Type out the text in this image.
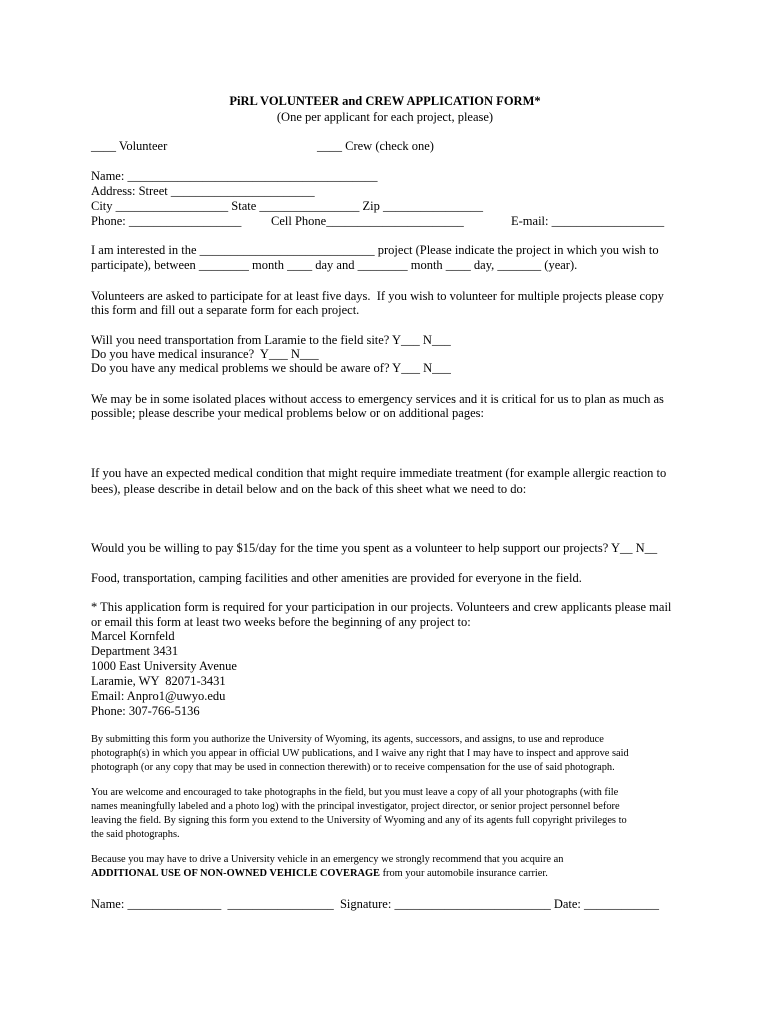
PiRL VOLUNTEER and CREW APPLICATION FORM*
(One per applicant for each project, please)
____ Volunteer	____ Crew (check one)
Name: ________________________________________
Address: Street _______________________
City __________________ State ________________ Zip ________________
Phone: __________________ Cell Phone______________________	E-mail: __________________
I am interested in the ____________________________ project (Please indicate the project in which you wish to
participate), between ________ month ____ day and ________ month ____ day, _______ (year).
Volunteers are asked to participate for at least five days.  If you wish to volunteer for multiple projects please copy
this form and fill out a separate form for each project.
Will you need transportation from Laramie to the field site? Y___ N___
Do you have medical insurance?  Y___ N___
Do you have any medical problems we should be aware of? Y___ N___
We may be in some isolated places without access to emergency services and it is critical for us to plan as much as
possible; please describe your medical problems below or on additional pages:
If you have an expected medical condition that might require immediate treatment (for example allergic reaction to
bees), please describe in detail below and on the back of this sheet what we need to do:
Would you be willing to pay $15/day for the time you spent as a volunteer to help support our projects? Y__ N__
Food, transportation, camping facilities and other amenities are provided for everyone in the field.
* This application form is required for your participation in our projects. Volunteers and crew applicants please mail
or email this form at least two weeks before the beginning of any project to:
Marcel Kornfeld
Department 3431
1000 East University Avenue
Laramie, WY  82071-3431
Email: Anpro1@uwyo.edu
Phone: 307-766-5136
By submitting this form you authorize the University of Wyoming, its agents, successors, and assigns, to use and reproduce
photograph(s) in which you appear in official UW publications, and I waive any right that I may have to inspect and approve said
photograph (or any copy that may be used in connection therewith) or to receive compensation for the use of said photograph.
You are welcome and encouraged to take photographs in the field, but you must leave a copy of all your photographs (with file
names meaningfully labeled and a photo log) with the principal investigator, project director, or senior project personnel before
leaving the field. By signing this form you extend to the University of Wyoming and any of its agents full copyright privileges to
the said photographs.
Because you may have to drive a University vehicle in an emergency we strongly recommend that you acquire an
ADDITIONAL USE OF NON-OWNED VEHICLE COVERAGE from your automobile insurance carrier.
Name: _______________  _________________  Signature: _________________________ Date: ____________
